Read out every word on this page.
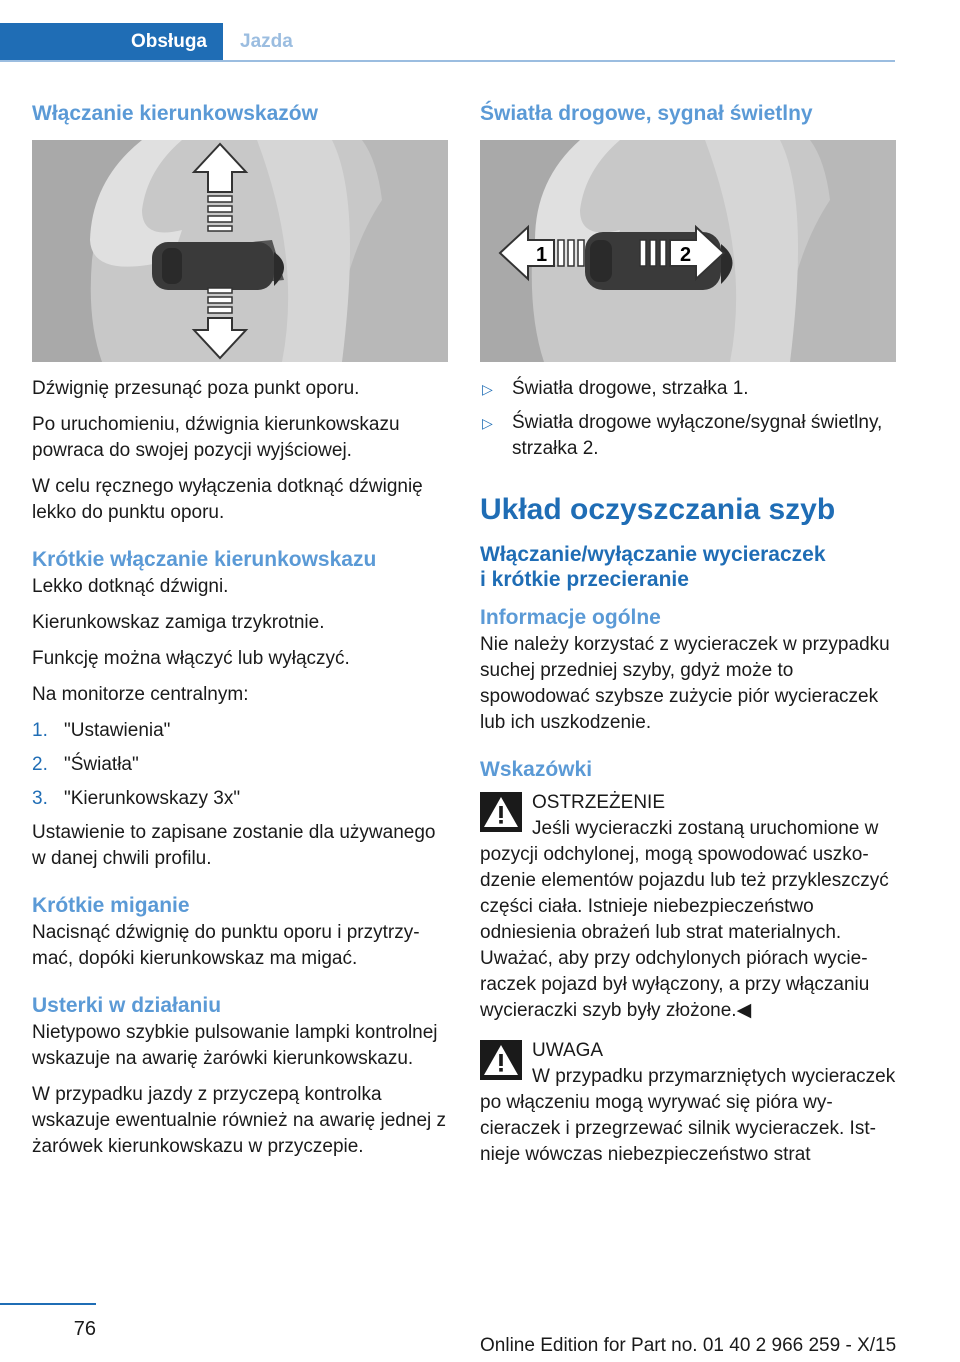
Obsługa Jazda
Włączanie kierunkowskazów

Dźwignię przesunąć poza punkt oporu.

Po uruchomieniu, dźwignia kierunkowskazu powraca do swojej pozycji wyjściowej.

W celu ręcznego wyłączenia dotknąć dźwignię lekko do punktu oporu.

Krótkie włączanie kierunkowskazu

Lekko dotknąć dźwigni.

Kierunkowskaz zamiga trzykrotnie.

Funkcję można włączyć lub wyłączyć.

Na monitorze centralnym:

1. "Ustawienia"
2. "Światła"
3. "Kierunkowskazy 3x"

Ustawienie to zapisane zostanie dla używanego w danej chwili profilu.

Krótkie miganie

Nacisnąć dźwignię do punktu oporu i przytrzymać, dopóki kierunkowskaz ma migać.

Usterki w działaniu

Nietypowo szybkie pulsowanie lampki kontrolnej wskazuje na awarię żarówki kierunkowskazu.

W przypadku jazdy z przyczepą kontrolka wskazuje ewentualnie również na awarię jednej z żarówek kierunkowskazu w przyczepie.

Światła drogowe, sygnał świetlny
1	2
▷ Światła drogowe, strzałka 1.
▷ Światła drogowe wyłączone/sygnał świetlny, strzałka 2.
Układ oczyszczania szyb
Włączanie/wyłączanie wycieraczek
i krótkie przecieranie
Informacje ogólne

Nie należy korzystać z wycieraczek w przypadku suchej przedniej szyby, gdyż może to spowodować szybsze zużycie piór wycieraczek lub ich uszkodzenie.

Wskazówki

OSTRZEŻENIE
Jeśli wycieraczki zostaną uruchomione w pozycji odchylonej, mogą spowodować uszkodzenie elementów pojazdu lub też przykleszczyć części ciała. Istnieje niebezpieczeństwo odniesienia obrażeń lub strat materialnych. Uważać, aby przy odchylonych piórach wycieraczek pojazd był wyłączony, a przy włączaniu wycieraczki szyb były złożone.◀

UWAGA
W przypadku przymarzniętych wycieraczek po włączeniu mogą wyrywać się pióra wycieraczek i przegrzewać silnik wycieraczek. Istnieje wówczas niebezpieczeństwo strat

76
Online Edition for Part no. 01 40 2 966 259 - X/15
